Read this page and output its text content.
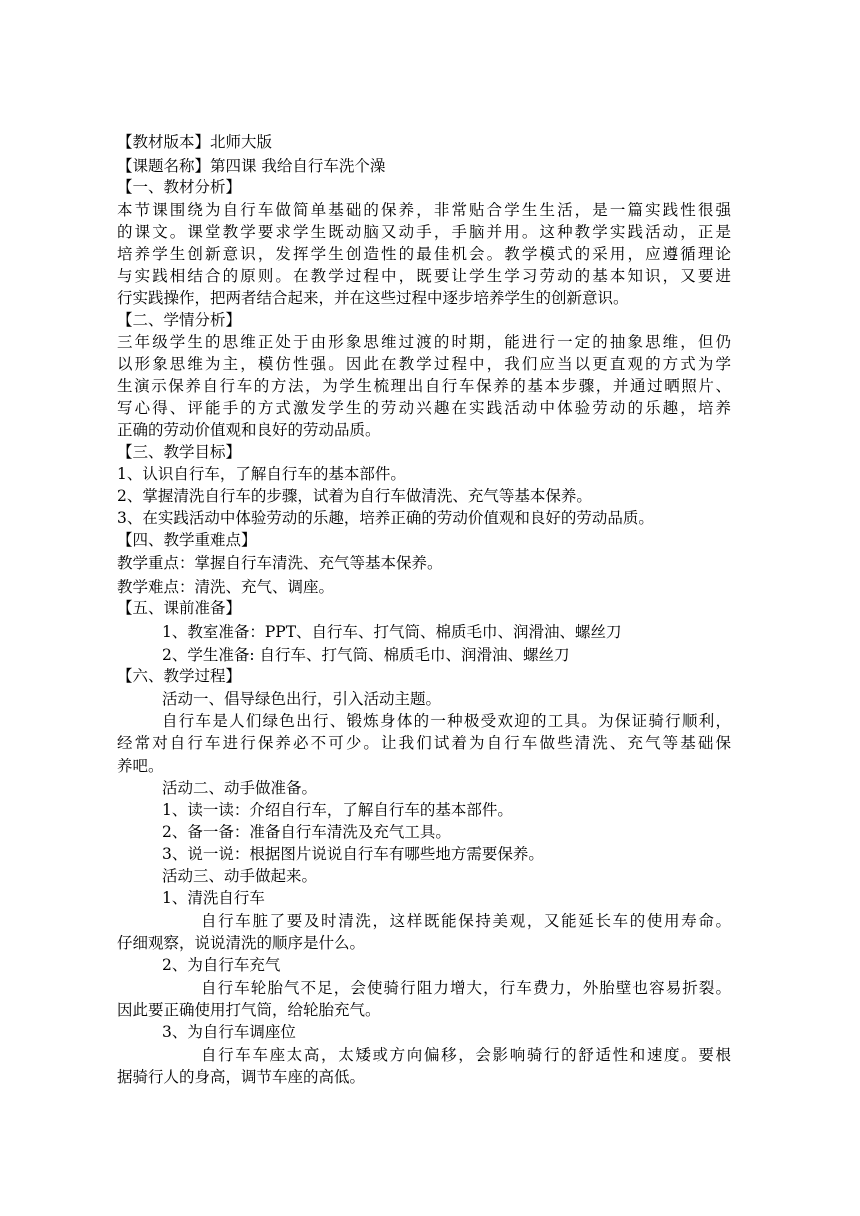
【教材版本】北师大版
【课题名称】第四课 我给自行车洗个澡
【一、教材分析】
本节课围绕为自行车做简单基础的保养，非常贴合学生生活，是一篇实践性很强
的课文。课堂教学要求学生既动脑又动手，手脑并用。这种教学实践活动，正是
培养学生创新意识，发挥学生创造性的最佳机会。教学模式的采用，应遵循理论
与实践相结合的原则。在教学过程中，既要让学生学习劳动的基本知识，又要进
行实践操作，把两者结合起来，并在这些过程中逐步培养学生的创新意识。
【二、学情分析】
三年级学生的思维正处于由形象思维过渡的时期，能进行一定的抽象思维，但仍
以形象思维为主，模仿性强。因此在教学过程中，我们应当以更直观的方式为学
生演示保养自行车的方法，为学生梳理出自行车保养的基本步骤，并通过晒照片、
写心得、评能手的方式激发学生的劳动兴趣在实践活动中体验劳动的乐趣，培养
正确的劳动价值观和良好的劳动品质。
【三、教学目标】
1、认识自行车，了解自行车的基本部件。
2、掌握清洗自行车的步骤，试着为自行车做清洗、充气等基本保养。
3、在实践活动中体验劳动的乐趣，培养正确的劳动价值观和良好的劳动品质。
【四、教学重难点】
教学重点：掌握自行车清洗、充气等基本保养。
教学难点：清洗、充气、调座。
【五、课前准备】
1、教室准备：PPT、自行车、打气筒、棉质毛巾、润滑油、螺丝刀
2、学生准备: 自行车、打气筒、棉质毛巾、润滑油、螺丝刀
【六、教学过程】
活动一、倡导绿色出行，引入活动主题。
自行车是人们绿色出行、锻炼身体的一种极受欢迎的工具。为保证骑行顺利，
经常对自行车进行保养必不可少。让我们试着为自行车做些清洗、充气等基础保
养吧。
活动二、动手做准备。
1、读一读：介绍自行车，了解自行车的基本部件。
2、备一备：准备自行车清洗及充气工具。
3、说一说：根据图片说说自行车有哪些地方需要保养。
活动三、动手做起来。
1、清洗自行车
自行车脏了要及时清洗，这样既能保持美观，又能延长车的使用寿命。
仔细观察，说说清洗的顺序是什么。
2、为自行车充气
自行车轮胎气不足，会使骑行阻力增大，行车费力，外胎壁也容易折裂。
因此要正确使用打气筒，给轮胎充气。
3、为自行车调座位
自行车车座太高，太矮或方向偏移，会影响骑行的舒适性和速度。要根
据骑行人的身高，调节车座的高低。
